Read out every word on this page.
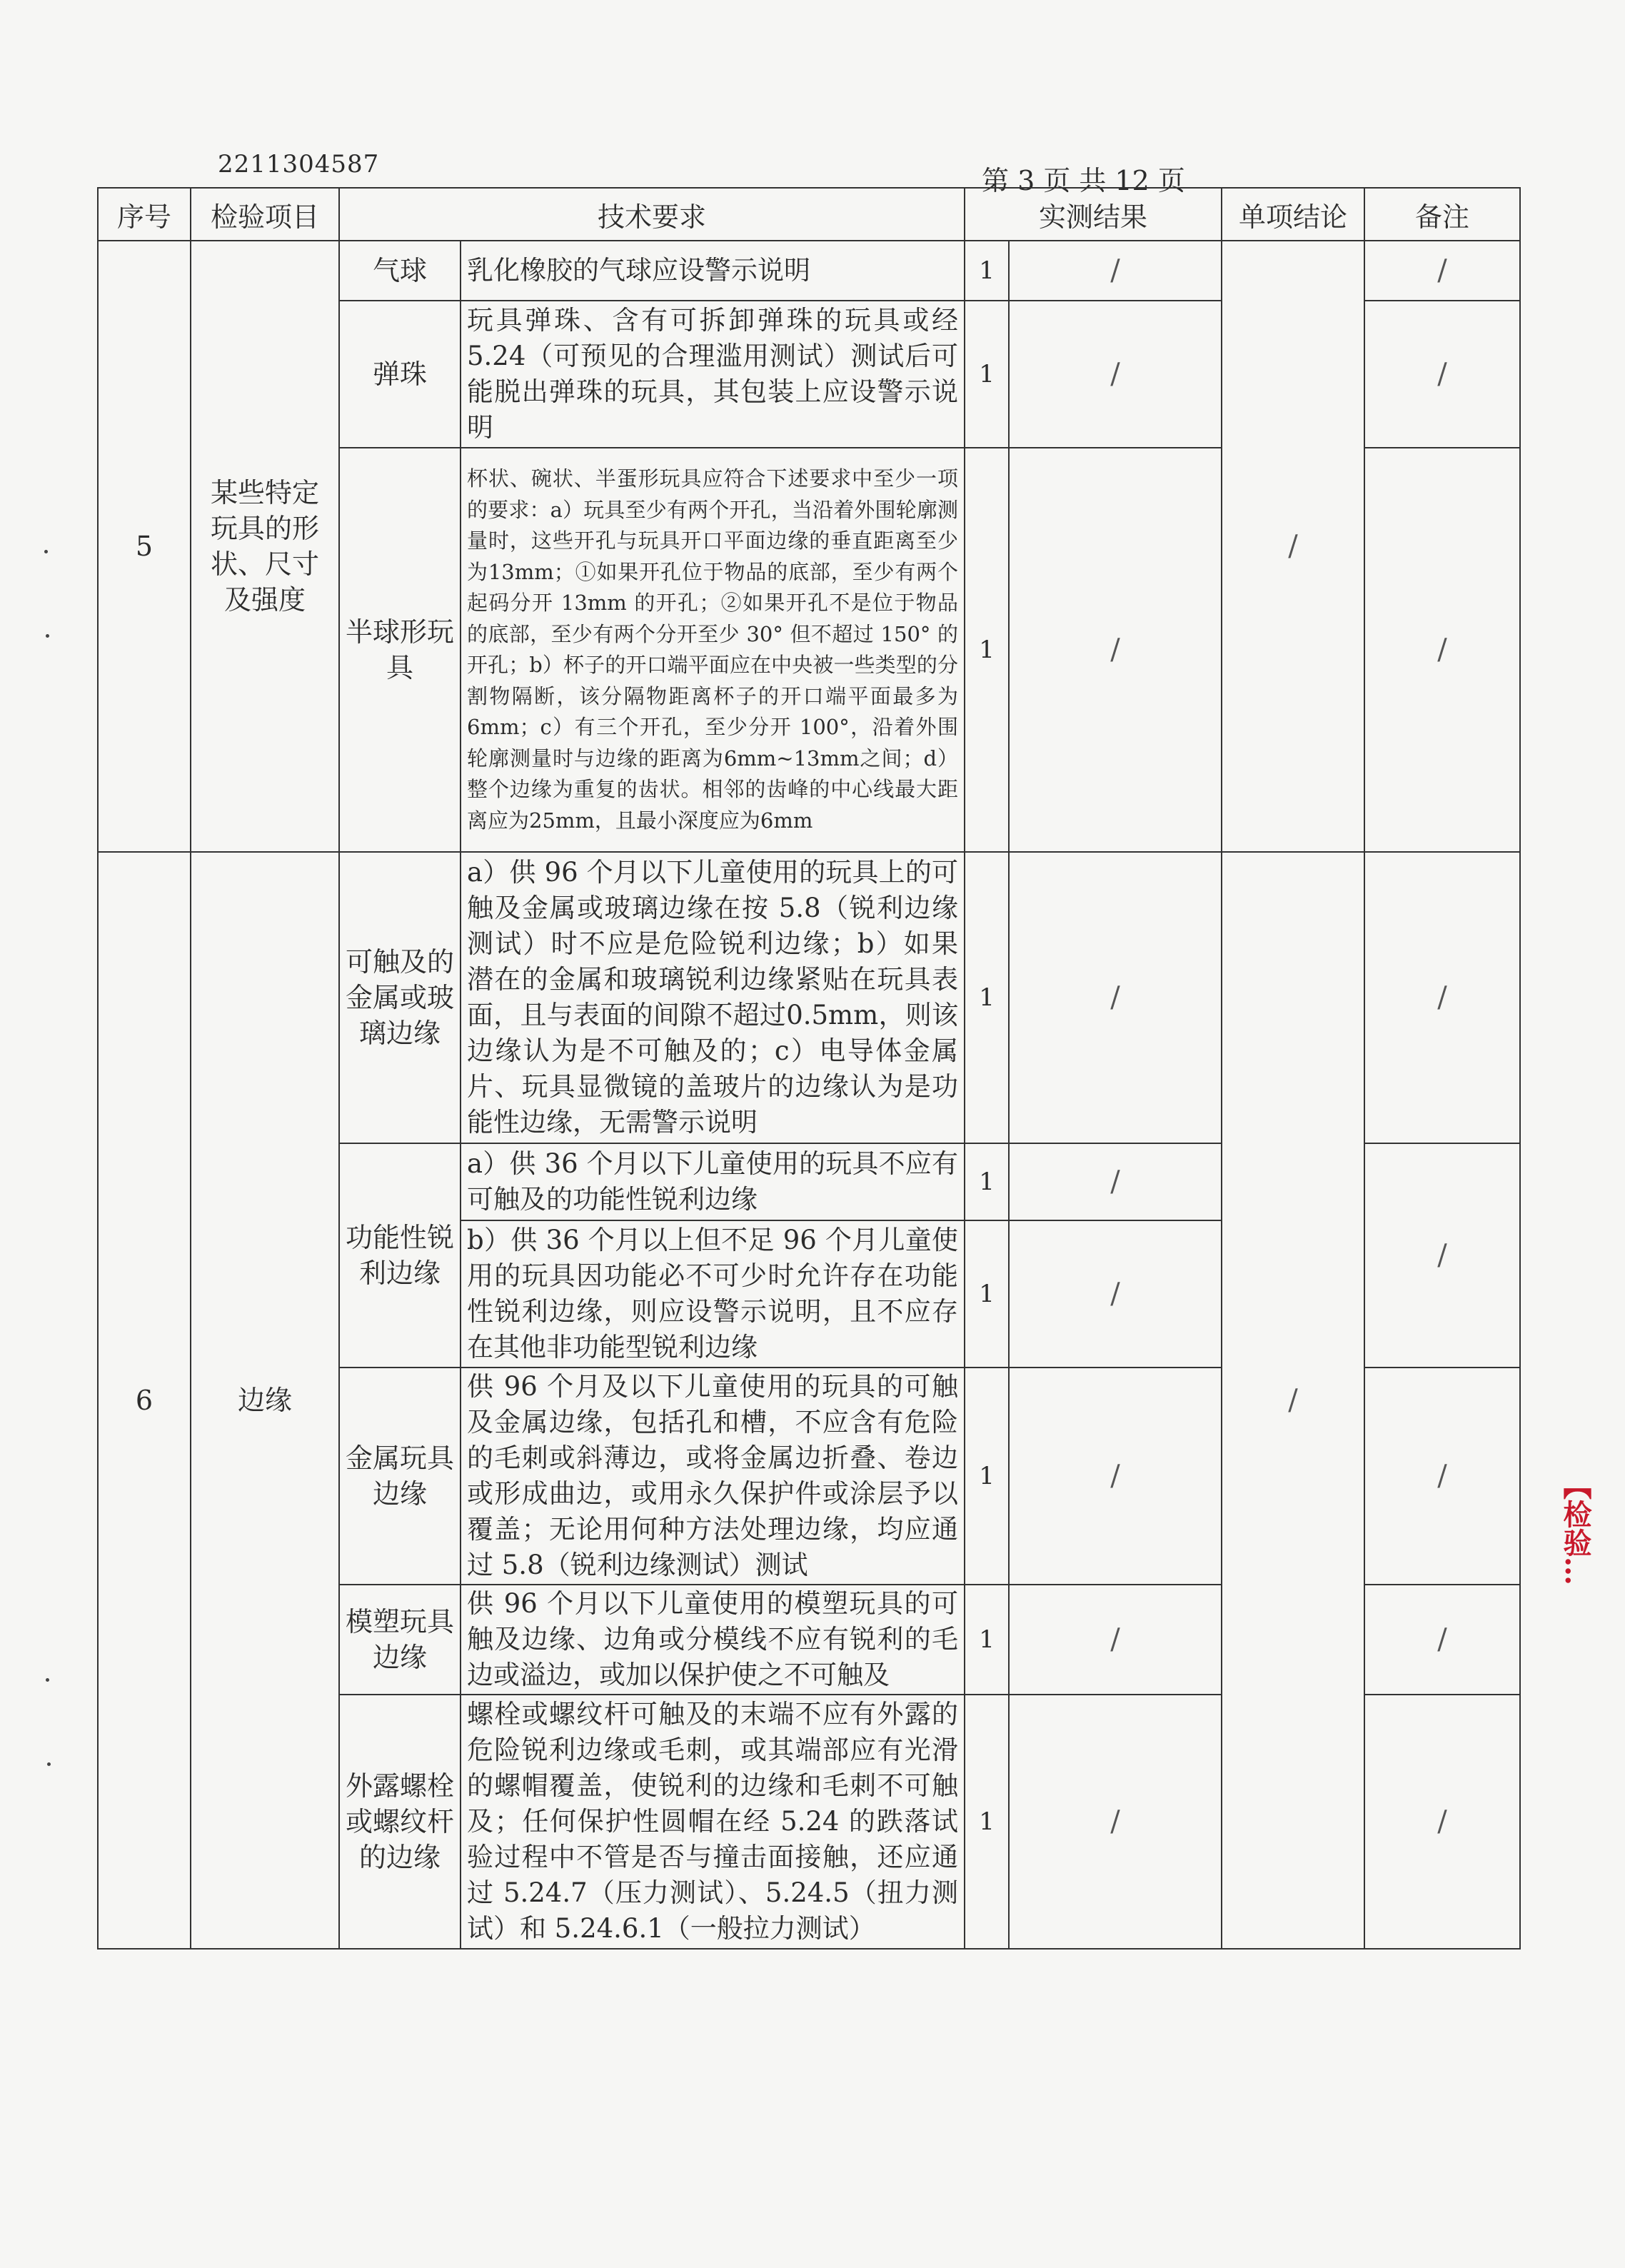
2211304587
第 3 页 共 12 页
序号	检验项目	技术要求		实测结果		单项结论	备注
5	某些特定玩具的形状、尺寸及强度	气球	乳化橡胶的气球应设警示说明	1	/	/	/
		弹珠	玩具弹珠、含有可拆卸弹珠的玩具或经5.24（可预见的合理滥用测试）测试后可能脱出弹珠的玩具，其包装上应设警示说明	1	/		/
		半球形玩具	杯状、碗状、半蛋形玩具应符合下述要求中至少一项的要求：a）玩具至少有两个开孔，当沿着外围轮廓测量时，这些开孔与玩具开口平面边缘的垂直距离至少为13mm；①如果开孔位于物品的底部，至少有两个起码分开 13mm 的开孔；②如果开孔不是位于物品的底部，至少有两个分开至少 30° 但不超过 150° 的开孔；b）杯子的开口端平面应在中央被一些类型的分割物隔断，该分隔物距离杯子的开口端平面最多为 6mm；c）有三个开孔，至少分开 100°，沿着外围轮廓测量时与边缘的距离为6mm~13mm之间；d）整个边缘为重复的齿状。相邻的齿峰的中心线最大距离应为25mm，且最小深度应为6mm	1	/		/
6	边缘	可触及的金属或玻璃边缘	a）供 96 个月以下儿童使用的玩具上的可触及金属或玻璃边缘在按 5.8（锐利边缘测试）时不应是危险锐利边缘；b）如果潜在的金属和玻璃锐利边缘紧贴在玩具表面，且与表面的间隙不超过0.5mm，则该边缘认为是不可触及的；c）电导体金属片、玩具显微镜的盖玻片的边缘认为是功能性边缘，无需警示说明	1	/	/	/
		功能性锐利边缘	a）供 36 个月以下儿童使用的玩具不应有可触及的功能性锐利边缘	1	/		/
			b）供 36 个月以上但不足 96 个月儿童使用的玩具因功能必不可少时允许存在功能性锐利边缘，则应设警示说明，且不应存在其他非功能型锐利边缘	1	/		
		金属玩具边缘	供 96 个月及以下儿童使用的玩具的可触及金属边缘，包括孔和槽，不应含有危险的毛刺或斜薄边，或将金属边折叠、卷边或形成曲边，或用永久保护件或涂层予以覆盖；无论用何种方法处理边缘，均应通过 5.8（锐利边缘测试）测试	1	/		/
		模塑玩具边缘	供 96 个月以下儿童使用的模塑玩具的可触及边缘、边角或分模线不应有锐利的毛边或溢边，或加以保护使之不可触及	1	/		/
		外露螺栓或螺纹杆的边缘	螺栓或螺纹杆可触及的末端不应有外露的危险锐利边缘或毛刺，或其端部应有光滑的螺帽覆盖，使锐利的边缘和毛刺不可触及；任何保护性圆帽在经 5.24 的跌落试验过程中不管是否与撞击面接触，还应通过 5.24.7（压力测试）、5.24.5（扭力测试）和 5.24.6.1（一般拉力测试）	1	/		/
【检验…
